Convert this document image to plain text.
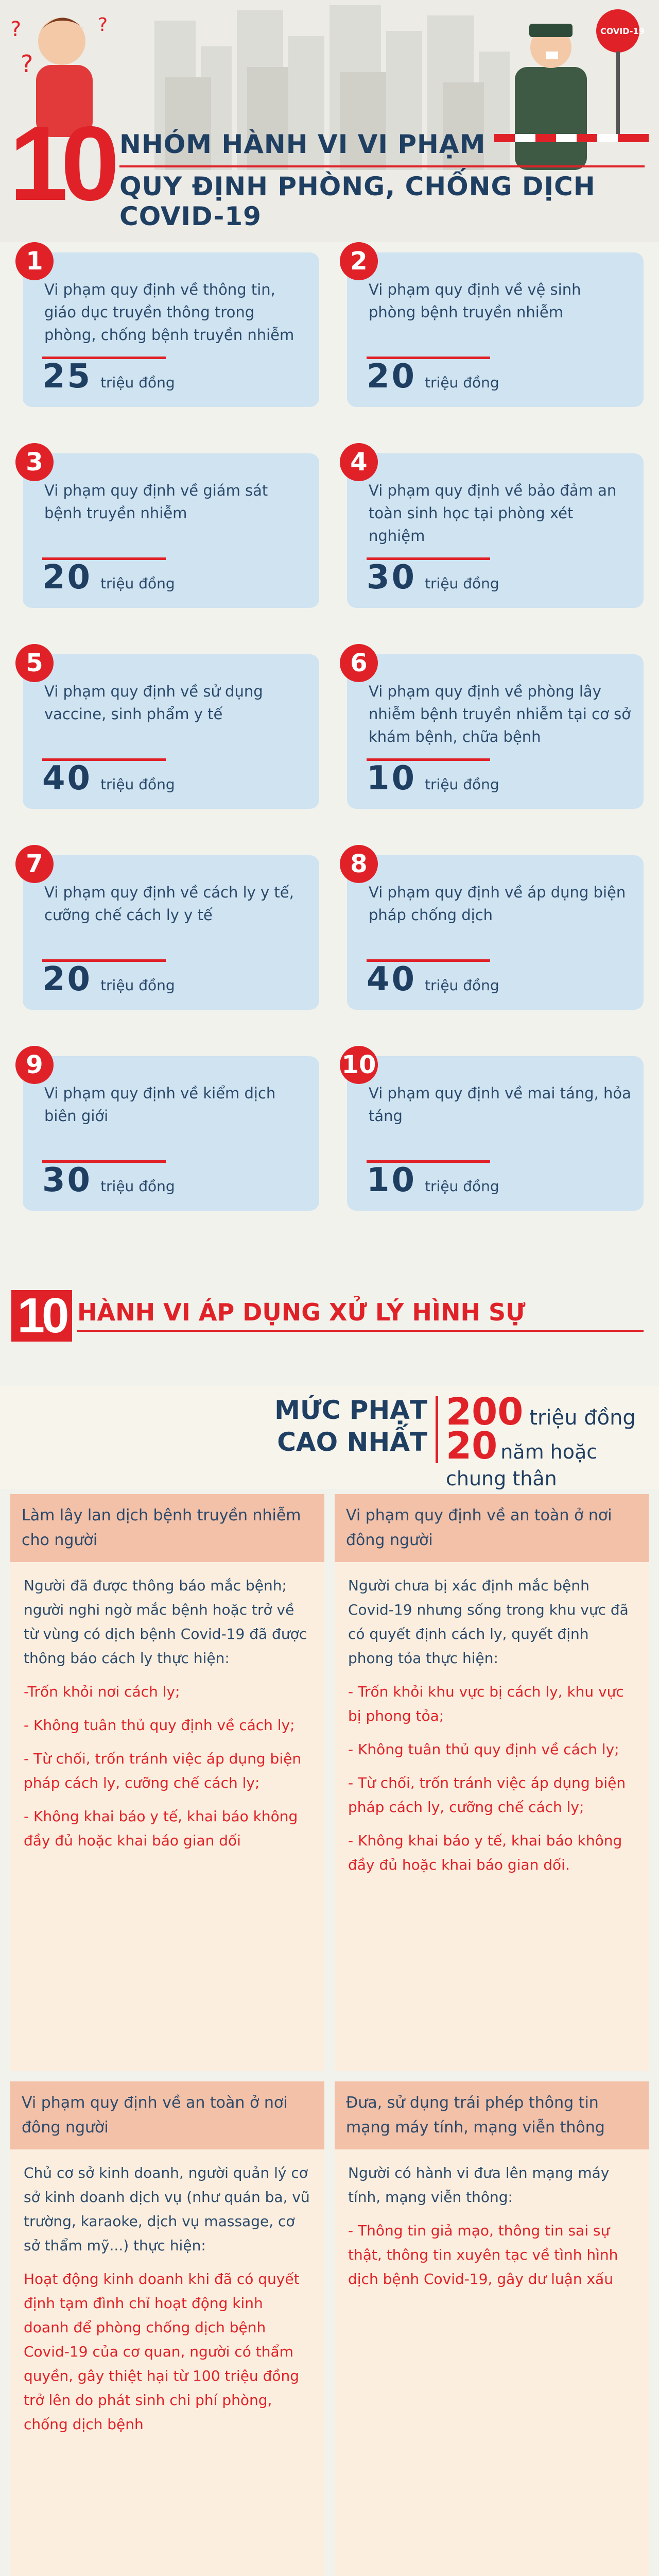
?
?
?	COVID-19
10 NHÓM HÀNH VI VI PHẠM
QUY ĐỊNH PHÒNG, CHỐNG DỊCH COVID-19
1
Vi phạm quy định về thông tin, giáo dục truyền thông trong phòng, chống bệnh truyền nhiễm
25 triệu đồng
2
Vi phạm quy định về vệ sinh phòng bệnh truyền nhiễm
20 triệu đồng
3
Vi phạm quy định về giám sát bệnh truyền nhiễm
20 triệu đồng
4
Vi phạm quy định về bảo đảm an toàn sinh học tại phòng xét nghiệm
30 triệu đồng
5
Vi phạm quy định về sử dụng vaccine, sinh phẩm y tế
40 triệu đồng
6
Vi phạm quy định về phòng lây nhiễm bệnh truyền nhiễm tại cơ sở khám bệnh, chữa bệnh
10 triệu đồng
7
Vi phạm quy định về cách ly y tế, cưỡng chế cách ly y tế
20 triệu đồng
8
Vi phạm quy định về áp dụng biện pháp chống dịch
40 triệu đồng
9
Vi phạm quy định về kiểm dịch biên giới
30 triệu đồng
10
Vi phạm quy định về mai táng, hỏa táng
10 triệu đồng
10 HÀNH VI ÁP DỤNG XỬ LÝ HÌNH SỰ
MỨC PHẠT
CAO NHẤT
200 triệu đồng
20 năm hoặc chung thân
Làm lây lan dịch bệnh truyền nhiễm cho người

Người đã được thông báo mắc bệnh; người nghi ngờ mắc bệnh hoặc trở về từ vùng có dịch bệnh Covid-19 đã được thông báo cách ly thực hiện:

-Trốn khỏi nơi cách ly;

- Không tuân thủ quy định về cách ly;

- Từ chối, trốn tránh việc áp dụng biện pháp cách ly, cưỡng chế cách ly;

- Không khai báo y tế, khai báo không đầy đủ hoặc khai báo gian dối

Vi phạm quy định về an toàn ở nơi đông người

Người chưa bị xác định mắc bệnh Covid-19 nhưng sống trong khu vực đã có quyết định cách ly, quyết định phong tỏa thực hiện:

- Trốn khỏi khu vực bị cách ly, khu vực bị phong tỏa;

- Không tuân thủ quy định về cách ly;

- Từ chối, trốn tránh việc áp dụng biện pháp cách ly, cưỡng chế cách ly;

- Không khai báo y tế, khai báo không đầy đủ hoặc khai báo gian dối.

Vi phạm quy định về an toàn ở nơi đông người

Chủ cơ sở kinh doanh, người quản lý cơ sở kinh doanh dịch vụ (như quán ba, vũ trường, karaoke, dịch vụ massage, cơ sở thẩm mỹ...) thực hiện:

Hoạt động kinh doanh khi đã có quyết định tạm đình chỉ hoạt động kinh doanh để phòng chống dịch bệnh Covid-19 của cơ quan, người có thẩm quyền, gây thiệt hại từ 100 triệu đồng trở lên do phát sinh chi phí phòng, chống dịch bệnh

Đưa, sử dụng trái phép thông tin mạng máy tính, mạng viễn thông

Người có hành vi đưa lên mạng máy tính, mạng viễn thông:

- Thông tin giả mạo, thông tin sai sự thật, thông tin xuyên tạc về tình hình dịch bệnh Covid-19, gây dư luận xấu
